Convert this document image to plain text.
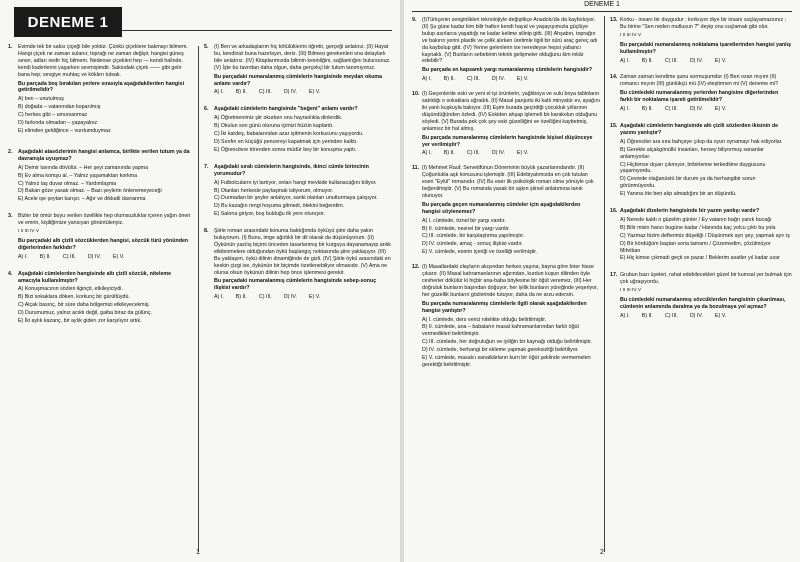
DENEME 1
1. Evimde tek bir saksı çiçeği bile yoktur. Çünkü çiçeklere bakmayı bilmem. Hangi çiçek ne zaman sulanır, toprağı ne zaman değişir, hangisi güneş sever, adları nedir hiç bilmem. Nedense çiçekleri hep — kendi halinde, kendi kaderlerini yaşarken sevmişimdir. Saksıdaki çiçek —— gibi gelir bana hep; sevgiye muhtaç ve köklerı tutsak.

Bu parçada boş bırakılan yerlere sırasıyla aşağıdakilerden hangisi getirilmelidir?

A) ben – unutulmuş
B) doğada – vatanından koparılmış
C) herkes gibi – umursanmaz
D) farkında olmadan – yapayalnız
E) elimden geldiğince – vurdumduymaz
2. Aşağıdaki atasözlerinin hangisi anlamca, birlikte verilen tutum ya da davranışla uyuşmaz?

A) Demir tavında dövülür. – Her şeyi zamanında yapma
B) Ev alma komşu al. – Yalnız yaşamaktan korkma
C) Yalnız taş duvar olmaz. – Yardımlaşma
D) Bakan göze yasak olmaz. – Bazı şeylerin önlenemeyeceği
E) Acele işe şeytan karışır. – Ağır ve dikkatli davranma
3. Bizler bir ömür boyu verilen özellikle hep olumsuzluklar içeren yağın öneri ve emrin, kişiliğimize yansıyan görüntüleriyiz.

I II III IV V

Bu parçadaki altı çizili sözcüklerden hangisi, sözcük türü yönünden diğerlerinden farklıdır?

A) I. B) II. C) III. D) IV. E) V.
4. Aşağıdaki cümlelerden hangisinde altı çizili sözcük, niteleme amacıyla kullanılmıştır?

A) Konuşmacının sözleri ilginçti, etkileyiciydi.
B) Bizi sokaklara döken, korkunç bir gürültüydü.
C) Alçak basınç, bir süre daha bölgemizi etkileyecekmiş.
D) Durumumuz, yalnız acıklı değil, gaiba biraz da gülünç.
E) İki aylık kazanç, bir aylık giderı zor karşılıyor artık.
5. (I) Ben ve arkadaşlarım hiç kötülüklerini öğretir, gerçeği anlatırız. (II) Hayat bu, kendinizi buna hazırlayın, deriz. (III) Bilmesi gerekenleri ona delaylarlı bile anlatırız. (IV) Kitaplarımızda bilimin kesinliğini, sağlamlığını bulursunuz. (V) İşte bu tavırdan daha olgun, daha gerçekçi bir tutum tanımıyoruz.

Bu parçadaki numaralanmış cümlelerin hangisinde meydan okuma anlamı vardır?

A) I. B) II. C) III. D) IV. E) V.
6. Aşağıdaki cümlelerin hangisinde "beğeni" anlamı vardır?

A) Öğretmenimiz şiir okurken onu hayranlıkla dinlerdik.
B) Okulun son günü oluruna içimizi hüzün kaplardı.
C) İki kardeş, babalarından azar işitmenin korkusunu yaşıyordu.
D) Sınıfın en küçüğü pencereyi kapatmak için yerinden kalktı.
E) Öğrencilere törenden sonra müdür bey bir konuşma yaptı.
7. Aşağıdaki sıralı cümlelerin hangisinde, ikinci cümle birincinin yorumudur?

A) Futbolcuların iyi tartıyor, onları hangi mevkide kullanacağını biliyor.
B) Olanları herkesle paylaşmak istiyorum, olmuyor.
C) Durmadan bir şeyler anlatıyor, sanki olanları unutturmaya çalışıyor.
D) Bu kazağın rengi hoşuma gitmedi, ötekini beğendim.
E) Salona giriyor, boş bulduğu ilk yere oturuyor.
8. Şiirle roman arasındaki konuma baktığımda öyküyü şiire daha yakın buluyorum. (I) Bunu, imge ağırlıklı bir dil olarak da düşünüyorum. (II) Öykünün yazılış biçimi önceden tasarlanmış bir kurguya dayanamayıp anlık etkilenmelere olduğundan öykü başlangıç noktasında şiire yaklaşıyor. (III) Bu yaklaşım, öykü dilinin dinamiğinde de gizli. (IV) Şiirle öykü arasındaki en keskin çizgi ise, öykünün bir biçimde özetlenebiliyor olmasıdır. (V) Ama ne olursa olsun öykünün dilinin hep önce işlenmesi gerekir.

Bu parçadaki numaralanmış cümlelerin hangisinde sebep-sonuç ilişkisi vardır?

A) I. B) II. C) III. D) IV. E) V.
1
DENEME 1
9. (I)Türkçenin zenginlikleri teknolojiyle değiştikçe Anadolu'da da kayboluyor. (II) Şu güne kadar kim bilir halkın kendi hayal ve yaşayışımızla güçlüye bulup asırlarca yaşattığı ne kadar kelime silinip gitti. (III) Ahşabın, toprağın ve bakırın yerini plastik ve çelik alırken üretimle ilgili bir sürü araç gereç adı da kaybolup gitti. (IV) Yerine gelenlerin ise neredeyse hepsi yabancı kaynaklı. (V) Bunların sebebinin teknik gelişmeler olduğunu kim inkâr edebilir?

Bu parçada en kapsamlı yargı numaralanmış cümlelerin hangisidir?

A) I. B) II. C) III. D) IV. E) V.
10. (I) Geçenlerde eski ve yeni el işi ürünlerin, yağlıboya ve sulu boya tabloların satıldığı o sokaklara uğradık. (II) Masal panjurlu iki katlı minyatür ev, ayağını iki yanlı kuşkuyla bakıyor. (III) Eşim burada geçirdiği çocukluk yıllarının düşündüğünden özledi. (IV) Eskiden ahşap işlemeli bir karakolun olduğunu söyledi. (V) Burada pek çok şey eski güzelliğini ve özelliğini kaybetmiş, anlamsız bir hal almış.

Bu parçada numaralanmış cümlelerin hangisinde kişisel düşünceye yer verilmiştir?

A) I. B) II. C) III. D) IV. E) V.
11. (I) Mehmet Rauf, Servetifünun Döneminin büyük yazarlarındandır. (II) Çoğunlukla aşk konusunu işlemiştir. (III) Edebiyatımızda en çok tutulan eseri "Eylül" romanıdır. (IV) Bu eser ilk psikolojik roman olma yönüyle çok beğenilmiştir. (V) Bu romanda yasak bir aşkın şiirsel anlatımına tanık olunuyor.

Bu parçada geçen numaralanmış cümleler için aşağıdakilerden hangisi söylenemez?

A) I. cümlede, öznel bir yargı vardır.
B) II. cümlede, nesnel bir yargı vardır.
C) III. cümlede, bir karşılaştırma yapılmıştır.
D) IV. cümlede, amaç - sonuç ilişkisi vardır.
E) V. cümlede, eserin içeriği ve özelliği verilmiştir.
12. (I) Masallardaki olayların akışından herkes yaşına, bayna göre birer hisse çıkarır. (II) Masal kahramanlarının ağzından, kurdun kuşun dilinden öyle cevherler dökülür ki hiçbir ana-baba böylesine bir öğüt veremez. (III) Her doğruluk bunların başından doğuyor, her iyilik bunların yüreğinde yeşeriyor, her güzellik bunların gözlerinde tutuyor, daha da ne arzu edersin.

Bu parçada numaralanmış cümlelerle ilgili olarak aşağıdakilerden hangisi yanlıştır?

A) I. cümlede, ders verici nitelikte olduğu belirtilmiştir.
B) II. cümlede, ana – babaların masal kahramanlarından farklı öğüt vermedikleri belirtilmiştir.
C) III. cümlede, her doğruluğun ve iyiliğin bir kaynağı olduğu belirtilmiştir.
D) IV. cümlede, herhangi bir ekleme yapmak gereksizliği belirtiliyor.
E) V. cümlede, masalcı sanatkârların kurn bir öğüt şeklinde vermemeleri gerektiği belirtilmiştir.
13. Korku - insanı bir duygudur ; korkuyor diye bir insanı suçlayamazsınız ; Bu birine "Sen neden mutlusun ?" deyip onu suçlamak gibi olur.

I II III IV V

Bu parçadaki numaralanmış noktalama işaretlerinden hangisi yanlış kullanılmıştır?

A) I. B) II. C) III. D) IV. E) V.
14. Zaman zaman kendime şunu sormuşumdur (I) Ben ozan mıyım (II) romancı mıyım (III) günlükçü mü (IV) eleştirmen mi (V) deneme mi?

Bu cümledeki numaralanmış yerlerden hangisine diğerlerinden farklı bir noktalama işareti getirilmelidir?

A) I. B) II. C) III. D) IV. E) V.
15. Aşağıdaki cümlelerin hangisinde altı çizili sözlerden ikisinin de yazımı yanlıştır?

A) Öğrenciler ara sıra bahçeye çıkıp da oyun oynamayı hak ediyorlar.
B) Gerekle alçakgönüllü insanları, hersey biliyormuş sananlar anlamıyorlar.
C) Hiçkimse dışarı çıkmıyor, birbirlerine terkedilme duygusunu yaşamıyordu.
D) Çevrede olağanüstü bir durum ya da herhangibir sorun görünmüyordu.
E) Yanına öte beri alıp almadığını bir an düşündü.
16. Aşağıdaki dizelerin hangisinde bir yazım yanlışı vardır?

A) Nerede kaldı o güzelim günler / Ey vatanın bağrı yanık bucağı
B) Bilir misin hancı bugüne kadar / Hanında kaç yolcu çıktı bu yola
C) Yazmaz bizim defterimiz düşeliği / Düşünmek ayrı şey, yapmak ayrı iş
D) Bir kördüğüm baştan sona tamamı / Çözemedim, çözülmüyor Mihriban
E) Hiç kimse çıkmadı geçti ve pazar / Beklerim asatler yıl kadar uzar
17. Grubun bazı üyeleri, rahat edebilecekleri güzel bir kumsal yer bulmak için çok uğraşıyordu.

I II III IV V

Bu cümledeki numaralanmış sözcüklerden hangisinin çıkarılması, cümlenin anlamında daralma ya da bozulmaya yol açmaz?

A) I. B) II. C) III. D) IV. E) V.
2
